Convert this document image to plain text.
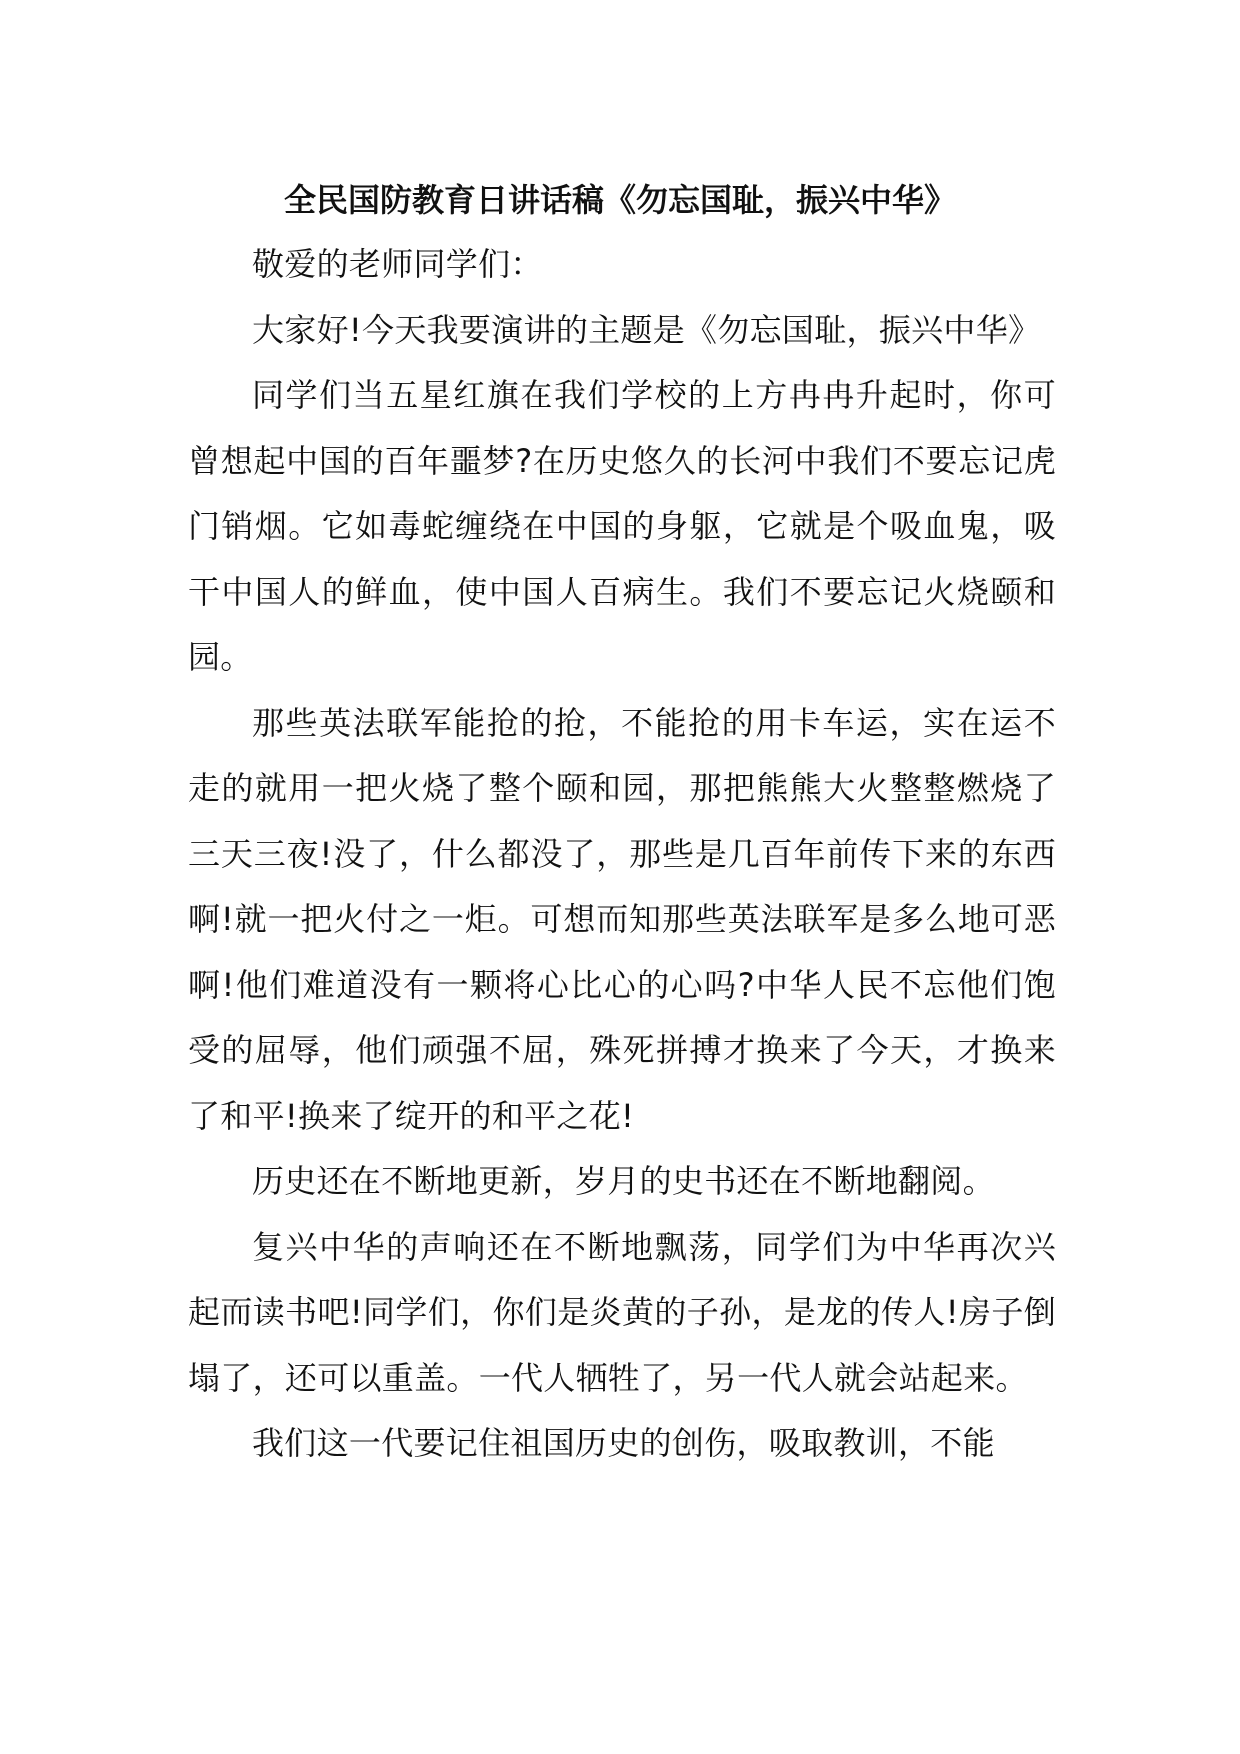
全民国防教育日讲话稿《勿忘国耻，振兴中华》

敬爱的老师同学们：

大家好!今天我要演讲的主题是《勿忘国耻，振兴中华》

同学们当五星红旗在我们学校的上方冉冉升起时，你可曾想起中国的百年噩梦?在历史悠久的长河中我们不要忘记虎门销烟。它如毒蛇缠绕在中国的身躯，它就是个吸血鬼，吸干中国人的鲜血，使中国人百病生。我们不要忘记火烧颐和园。

那些英法联军能抢的抢，不能抢的用卡车运，实在运不走的就用一把火烧了整个颐和园，那把熊熊大火整整燃烧了三天三夜!没了，什么都没了，那些是几百年前传下来的东西啊!就一把火付之一炬。可想而知那些英法联军是多么地可恶啊!他们难道没有一颗将心比心的心吗?中华人民不忘他们饱受的屈辱，他们顽强不屈，殊死拼搏才换来了今天，才换来了和平!换来了绽开的和平之花!

历史还在不断地更新，岁月的史书还在不断地翻阅。

复兴中华的声响还在不断地飘荡，同学们为中华再次兴起而读书吧!同学们，你们是炎黄的子孙，是龙的传人!房子倒塌了，还可以重盖。一代人牺牲了，另一代人就会站起来。

我们这一代要记住祖国历史的创伤，吸取教训，不能
